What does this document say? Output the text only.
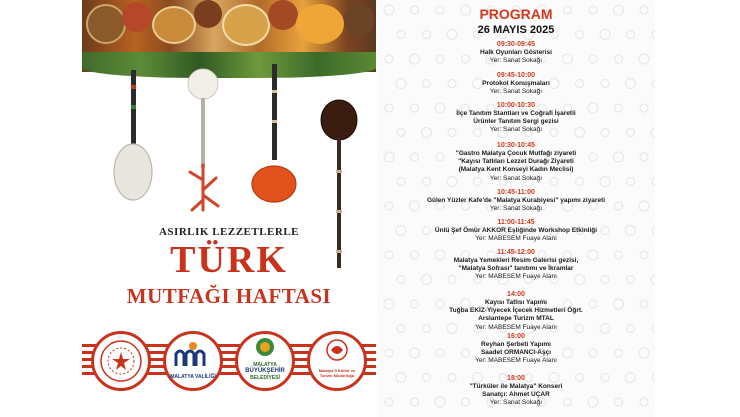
ASIRLIK LEZZETLERLE
TÜRK
MUTFAĞI HAFTASI
MALATYA VALİLİĞİ
MALATYA
BÜYÜKŞEHİR
BELEDİYESİ
Malatya İl Kültür ve Turizm Müdürlüğü
PROGRAM
26 MAYIS 2025
09:30-09:45
Halk Oyunları Gösterisi
Yer: Sanat Sokağı
09:45-10:00
Protokol Konuşmaları
Yer: Sanat Sokağı
10:00-10:30
İlçe Tanıtım Stantları ve Coğrafi İşaretli
Ürünler Tanıtım Sergi gezisi
Yer: Sanat Sokağı
10:30-10:45
"Gastro Malatya Çocuk Mutfağı ziyareti
"Kayısı Tatlıları Lezzet Durağı Ziyareti
(Malatya Kent Konseyi Kadın Meclisi)
Yer: Sanat Sokağı
10:45-11:00
Gülen Yüzler Kafe'de "Malatya Kurabiyesi" yapımı ziyareti
Yer: Sanat Sokağı
11:00-11:45
Ünlü Şef Ömür AKKOR Eşliğinde Workshop Etkinliği
Yer: MABESEM Fuaye Alanı
11:45-12:00
Malatya Yemekleri Resim Galerisi gezisi,
"Malatya Sofrası" tanıtımı ve İkramlar
Yer: MABESEM Fuaye Alanı
14:00
Kayısı Tatlısı Yapımı
Tuğba EKİZ-Yiyecek İçecek Hizmetleri Öğrt.
Arslantepe Turizm MTAL
Yer: MABESEM Fuaye Alanı
16:00
Reyhan Şerbeti Yapımı
Saadet ORMANCI-Aşçı
Yer: MABESEM Fuaye Alanı
18:00
"Türküler ile Malatya" Konseri
Sanatçı: Ahmet UÇAR
Yer: Sanat Sokağı
